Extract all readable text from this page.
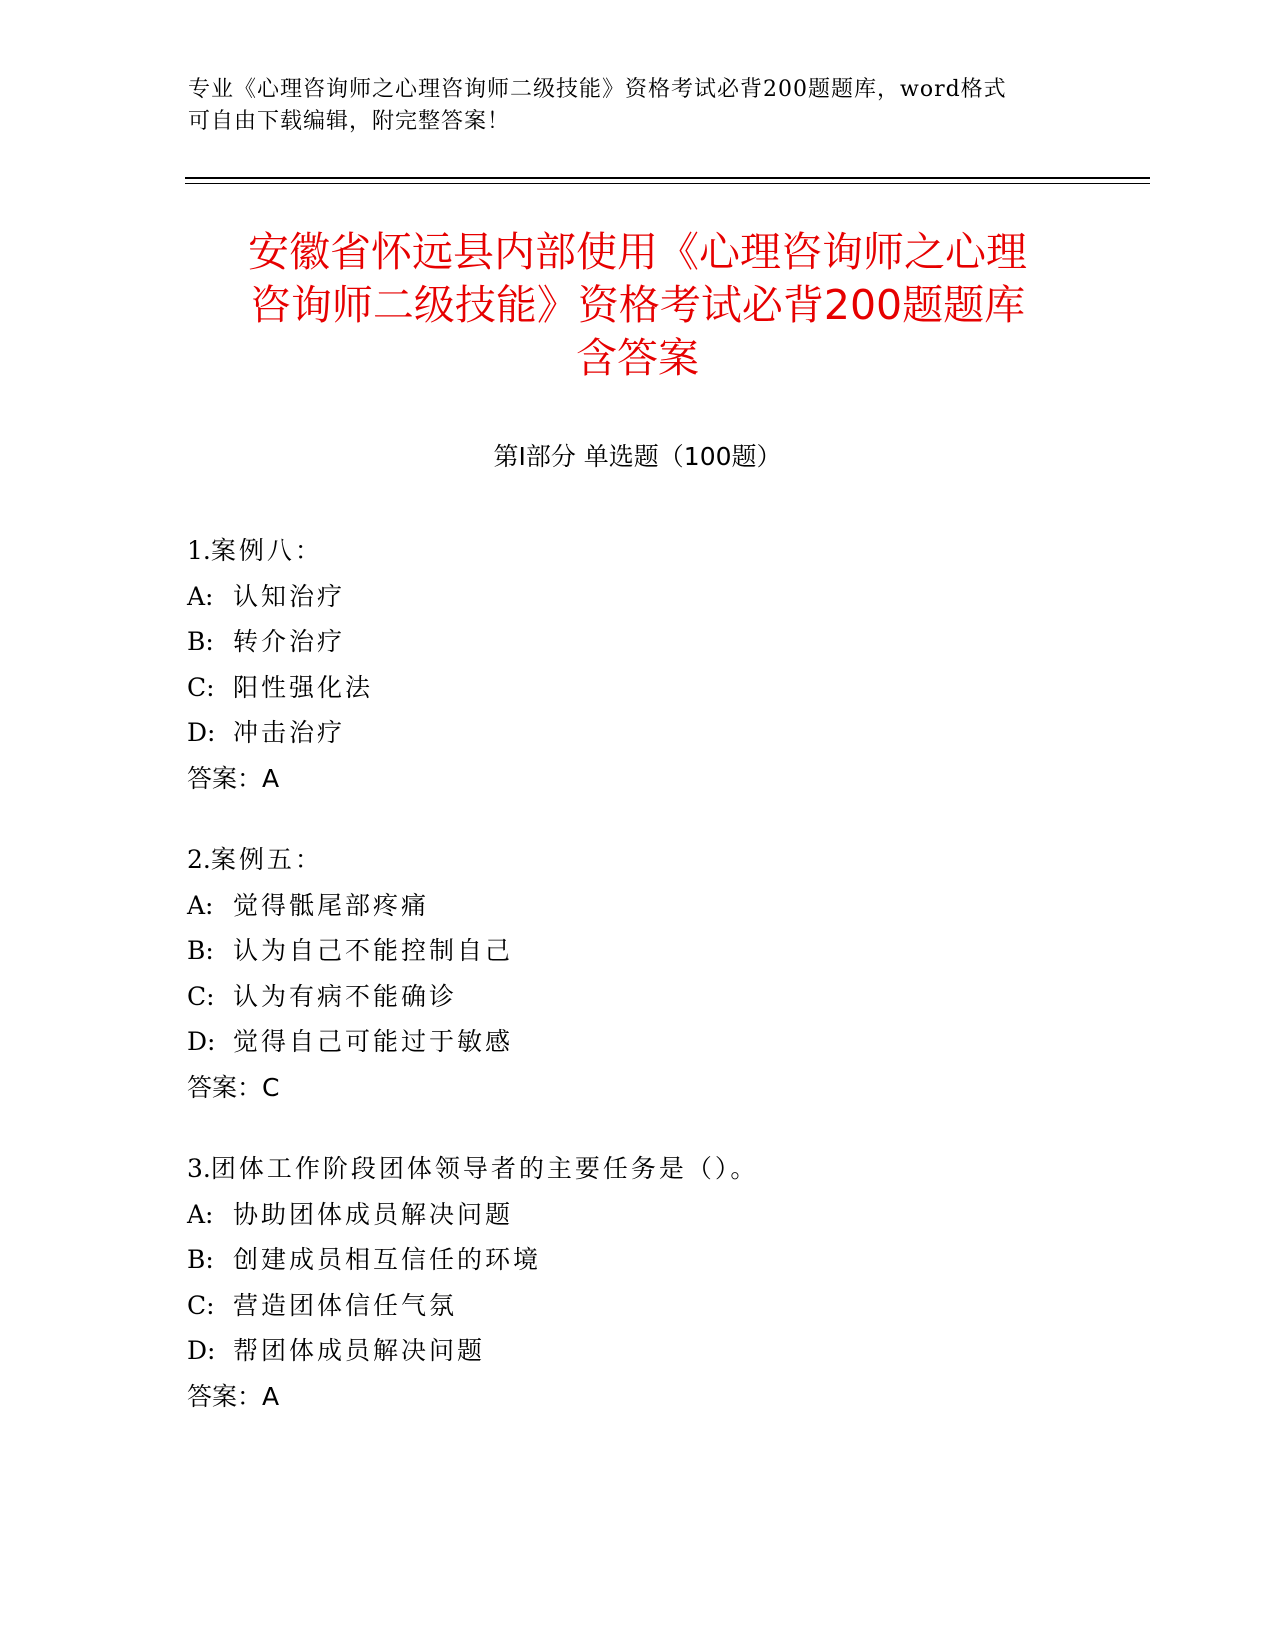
专业《心理咨询师之心理咨询师二级技能》资格考试必背200题题库，word格式
可自由下载编辑，附完整答案！
安徽省怀远县内部使用《心理咨询师之心理
咨询师二级技能》资格考试必背200题题库
含答案
第Ⅰ部分 单选题（100题）
1.案例八：
A: 认知治疗
B: 转介治疗
C: 阳性强化法
D: 冲击治疗
答案：A
2.案例五：
A: 觉得骶尾部疼痛
B: 认为自己不能控制自己
C: 认为有病不能确诊
D: 觉得自己可能过于敏感
答案：C
3.团体工作阶段团体领导者的主要任务是（）。
A: 协助团体成员解决问题
B: 创建成员相互信任的环境
C: 营造团体信任气氛
D: 帮团体成员解决问题
答案：A
